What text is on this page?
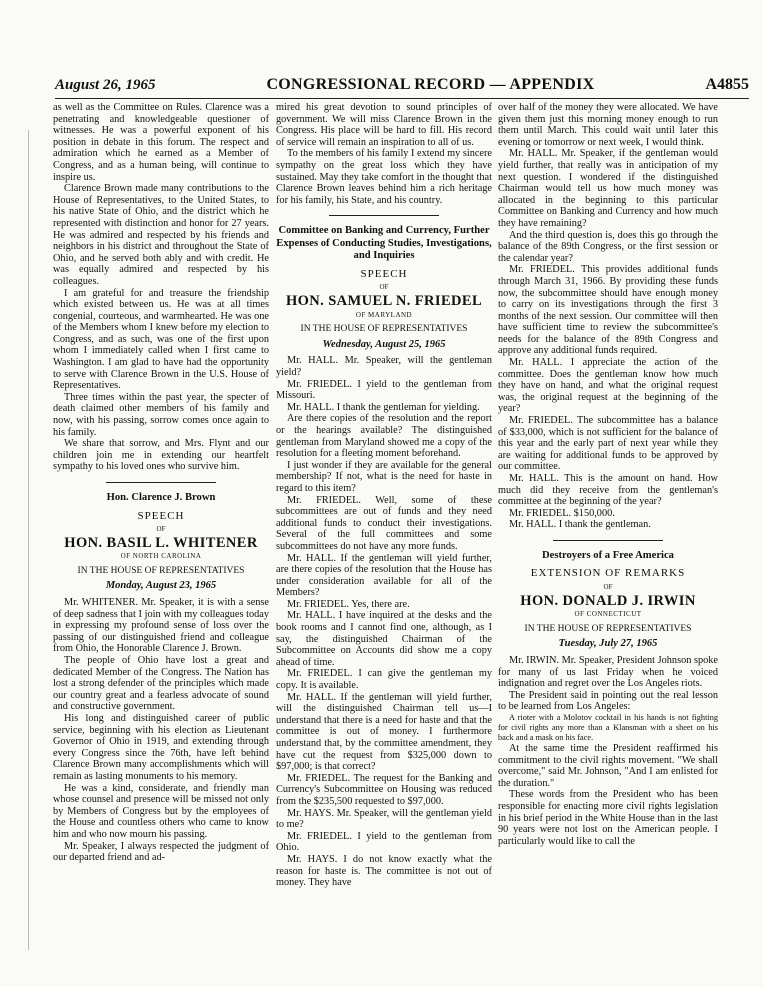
August 26, 1965	CONGRESSIONAL RECORD — APPENDIX	A4855

as well as the Committee on Rules. Clarence was a penetrating and knowledgeable questioner of witnesses. He was a powerful exponent of his position in debate in this forum. The respect and admiration which he earned as a Member of Congress, and as a human being, will continue to inspire us.

Clarence Brown made many contributions to the House of Representatives, to the United States, to his native State of Ohio, and the district which he represented with distinction and honor for 27 years. He was admired and respected by his friends and neighbors in his district and throughout the State of Ohio, and he served both ably and with credit. He was equally admired and respected by his colleagues.

I am grateful for and treasure the friendship which existed between us. He was at all times congenial, courteous, and warmhearted. He was one of the Members whom I knew before my election to Congress, and as such, was one of the first upon whom I immediately called when I first came to Washington. I am glad to have had the opportunity to serve with Clarence Brown in the U.S. House of Representatives.

Three times within the past year, the specter of death claimed other members of his family and now, with his passing, sorrow comes once again to his family.

We share that sorrow, and Mrs. Flynt and our children join me in extending our heartfelt sympathy to his loved ones who survive him.

Hon. Clarence J. Brown
SPEECH
OF
HON. BASIL L. WHITENER
OF NORTH CAROLINA
IN THE HOUSE OF REPRESENTATIVES
Monday, August 23, 1965

Mr. WHITENER. Mr. Speaker, it is with a sense of deep sadness that I join with my colleagues today in expressing my profound sense of loss over the passing of our distinguished friend and colleague from Ohio, the Honorable Clarence J. Brown.

The people of Ohio have lost a great and dedicated Member of the Congress. The Nation has lost a strong defender of the principles which made our country great and a fearless advocate of sound and constructive government.

His long and distinguished career of public service, beginning with his election as Lieutenant Governor of Ohio in 1919, and extending through every Congress since the 76th, have left behind Clarence Brown many accomplishments which will remain as lasting monuments to his memory.

He was a kind, considerate, and friendly man whose counsel and presence will be missed not only by Members of Congress but by the employees of the House and countless others who came to know him and who now mourn his passing.

Mr. Speaker, I always respected the judgment of our departed friend and ad-

mired his great devotion to sound principles of government. We will miss Clarence Brown in the Congress. His place will be hard to fill. His record of service will remain an inspiration to all of us.

To the members of his family I extend my sincere sympathy on the great loss which they have sustained. May they take comfort in the thought that Clarence Brown leaves behind him a rich heritage for his family, his State, and his country.

Committee on Banking and Currency, Further Expenses of Conducting Studies, Investigations, and Inquiries
SPEECH
OF
HON. SAMUEL N. FRIEDEL
OF MARYLAND
IN THE HOUSE OF REPRESENTATIVES
Wednesday, August 25, 1965

Mr. HALL. Mr. Speaker, will the gentleman yield?

Mr. FRIEDEL. I yield to the gentleman from Missouri.

Mr. HALL. I thank the gentleman for yielding.

Are there copies of the resolution and the report or the hearings available? The distinguished gentleman from Maryland showed me a copy of the resolution for a fleeting moment beforehand.

I just wonder if they are available for the general membership? If not, what is the need for haste in regard to this item?

Mr. FRIEDEL. Well, some of these subcommittees are out of funds and they need additional funds to conduct their investigations. Several of the full committees and some subcommittees do not have any more funds.

Mr. HALL. If the gentleman will yield further, are there copies of the resolution that the House has under consideration available for all of the Members?

Mr. FRIEDEL. Yes, there are.

Mr. HALL. I have inquired at the desks and the book rooms and I cannot find one, although, as I say, the distinguished Chairman of the Subcommittee on Accounts did show me a copy ahead of time.

Mr. FRIEDEL. I can give the gentleman my copy. It is available.

Mr. HALL. If the gentleman will yield further, will the distinguished Chairman tell us—I understand that there is a need for haste and that the committee is out of money. I furthermore understand that, by the committee amendment, they have cut the request from $325,000 down to $97,000; is that correct?

Mr. FRIEDEL. The request for the Banking and Currency's Subcommittee on Housing was reduced from the $235,500 requested to $97,000.

Mr. HAYS. Mr. Speaker, will the gentleman yield to me?

Mr. FRIEDEL. I yield to the gentleman from Ohio.

Mr. HAYS. I do not know exactly what the reason for haste is. The committee is not out of money. They have

over half of the money they were allocated. We have given them just this morning money enough to run them until March. This could wait until later this evening or tomorrow or next week, I would think.

Mr. HALL. Mr. Speaker, if the gentleman would yield further, that really was in anticipation of my next question. I wondered if the distinguished Chairman would tell us how much money was allocated in the beginning to this particular Committee on Banking and Currency and how much they have remaining?

And the third question is, does this go through the balance of the 89th Congress, or the first session or the calendar year?

Mr. FRIEDEL. This provides additional funds through March 31, 1966. By providing these funds now, the subcommittee should have enough money to carry on its investigations through the first 3 months of the next session. Our committee will then have sufficient time to review the subcommittee's needs for the balance of the 89th Congress and approve any additional funds required.

Mr. HALL. I appreciate the action of the committee. Does the gentleman know how much they have on hand, and what the original request was, the original request at the beginning of the year?

Mr. FRIEDEL. The subcommittee has a balance of $33,000, which is not sufficient for the balance of this year and the early part of next year while they are waiting for additional funds to be approved by our committee.

Mr. HALL. This is the amount on hand. How much did they receive from the gentleman's committee at the beginning of the year?

Mr. FRIEDEL. $150,000.

Mr. HALL. I thank the gentleman.

Destroyers of a Free America
EXTENSION OF REMARKS
OF
HON. DONALD J. IRWIN
OF CONNECTICUT
IN THE HOUSE OF REPRESENTATIVES
Tuesday, July 27, 1965

Mr. IRWIN. Mr. Speaker, President Johnson spoke for many of us last Friday when he voiced indignation and regret over the Los Angeles riots.

The President said in pointing out the real lesson to be learned from Los Angeles:

A rioter with a Molotov cocktail in his hands is not fighting for civil rights any more than a Klansman with a sheet on his back and a mask on his face.

At the same time the President reaffirmed his commitment to the civil rights movement. "We shall overcome," said Mr. Johnson, "And I am enlisted for the duration."

These words from the President who has been responsible for enacting more civil rights legislation in his brief period in the White House than in the last 90 years were not lost on the American people. I particularly would like to call the
